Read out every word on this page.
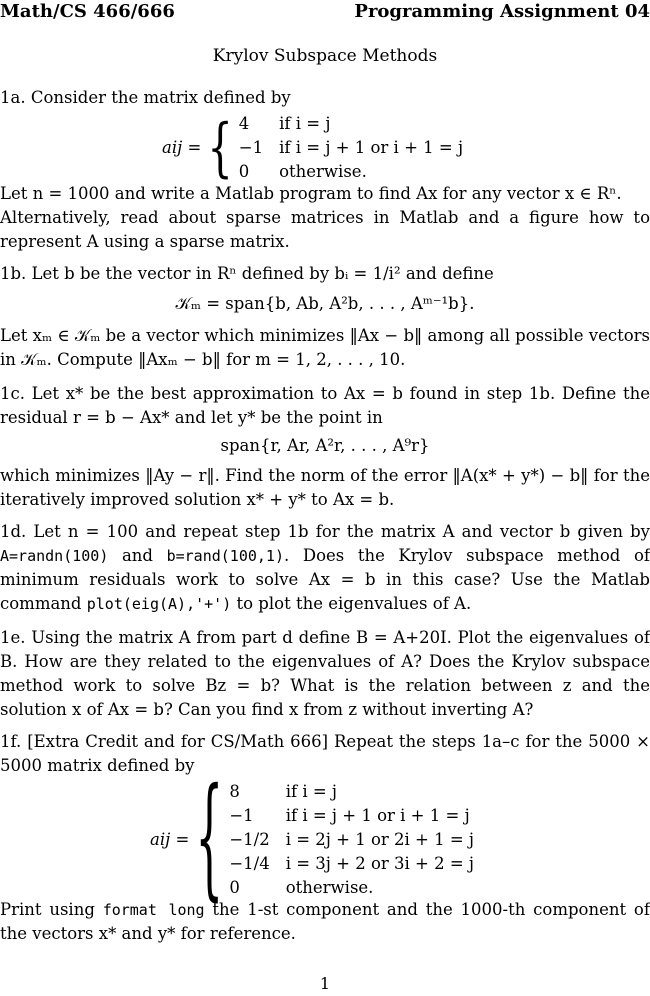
Math/CS 466/666	Programming Assignment 04
Krylov Subspace Methods

1a. Consider the matrix defined by

aij = { 4	if i = j
−1 if i = j + 1 or i + 1 = j
0	otherwise.

Let n = 1000 and write a Matlab program to find Ax for any vector x ∈ Rⁿ.

Alternatively, read about sparse matrices in Matlab and a figure how to represent A using a sparse matrix.

1b. Let b be the vector in Rⁿ defined by bᵢ = 1/i² and define

𝒦ₘ = span{b, Ab, A²b, . . . , Aᵐ⁻¹b}.

Let xₘ ∈ 𝒦ₘ be a vector which minimizes ‖Ax − b‖ among all possible vectors in 𝒦ₘ. Compute ‖Axₘ − b‖ for m = 1, 2, . . . , 10.

1c. Let x* be the best approximation to Ax = b found in step 1b. Define the residual r = b − Ax* and let y* be the point in

span{r, Ar, A²r, . . . , A⁹r}

which minimizes ‖Ay − r‖. Find the norm of the error ‖A(x* + y*) − b‖ for the iteratively improved solution x* + y* to Ax = b.

1d. Let n = 100 and repeat step 1b for the matrix A and vector b given by A=randn(100) and b=rand(100,1). Does the Krylov subspace method of minimum residuals work to solve Ax = b in this case? Use the Matlab command plot(eig(A),'+') to plot the eigenvalues of A.

1e. Using the matrix A from part d define B = A+20I. Plot the eigenvalues of B. How are they related to the eigenvalues of A? Does the Krylov subspace method work to solve Bz = b? What is the relation between z and the solution x of Ax = b? Can you find x from z without inverting A?

1f. [Extra Credit and for CS/Math 666] Repeat the steps 1a–c for the 5000 × 5000 matrix defined by

aij = { 8	if i = j
−1	if i = j + 1 or i + 1 = j
−1/2 i = 2j + 1 or 2i + 1 = j
−1/4 i = 3j + 2 or 3i + 2 = j
0	otherwise.

Print using format long the 1-st component and the 1000-th component of the vectors x* and y* for reference.

1
